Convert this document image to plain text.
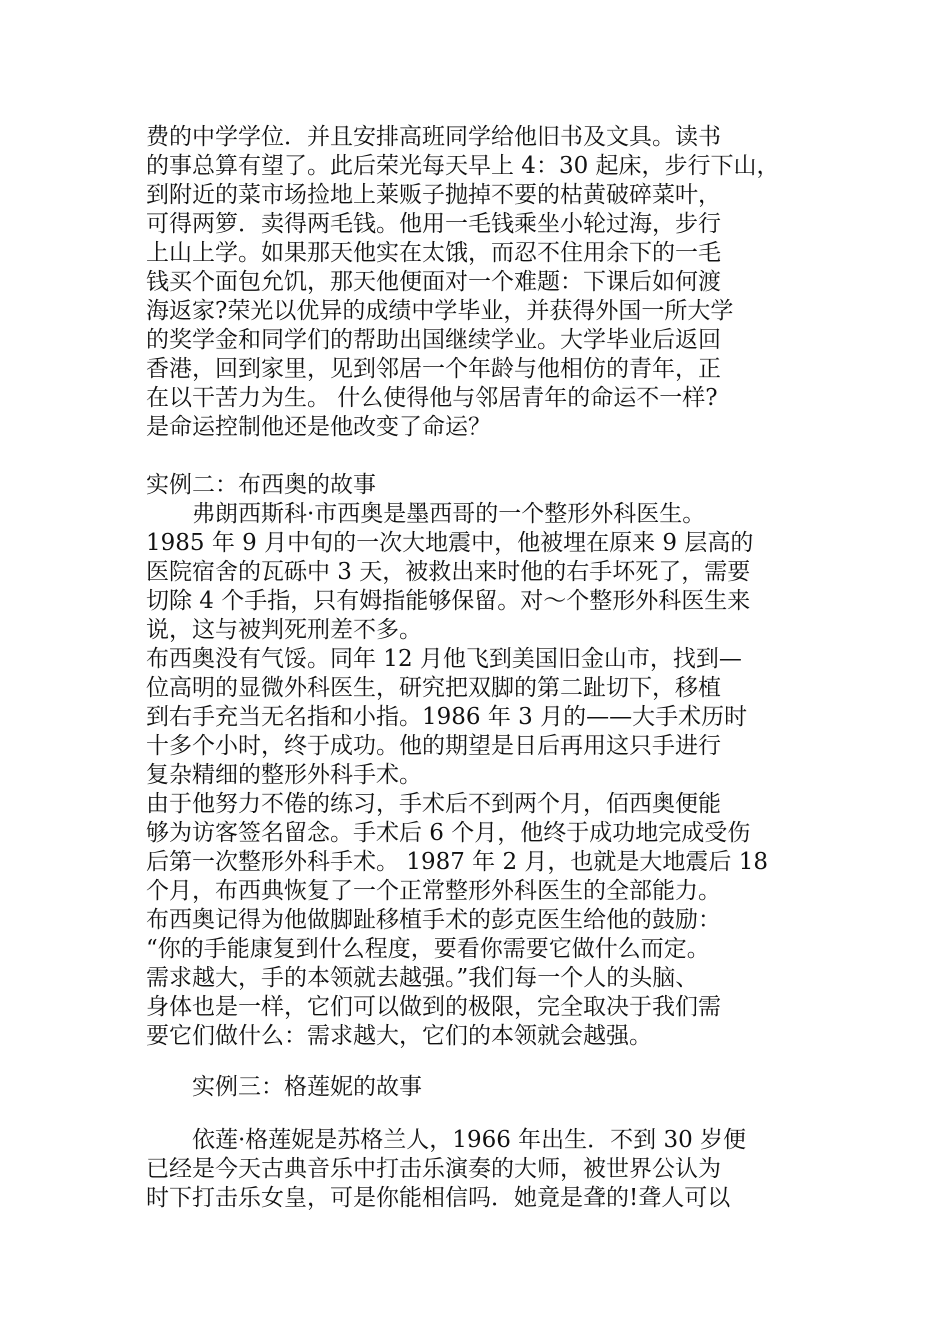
费的中学学位．并且安排高班同学给他旧书及文具。读书
的事总算有望了。此后荣光每天早上 4：30 起床，步行下山，
到附近的菜市场捡地上莱贩子抛掉不要的枯黄破碎菜叶，
可得两箩．卖得两毛钱。他用一毛钱乘坐小轮过海，步行
上山上学。如果那天他实在太饿，而忍不住用余下的一毛
钱买个面包允饥，那天他便面对一个难题：下课后如何渡
海返家?荣光以优异的成绩中学毕业，并获得外国一所大学
的奖学金和同学们的帮助出国继续学业。大学毕业后返回
香港，回到家里，见到邻居一个年龄与他相仿的青年，正
在以干苦力为生。 什么使得他与邻居青年的命运不一样?
是命运控制他还是他改变了命运？
实例二：布西奥的故事
　　弗朗西斯科·市西奥是墨西哥的一个整形外科医生。
1985 年 9 月中旬的一次大地震中，他被埋在原来 9 层高的
医院宿舍的瓦砾中 3 天，被救出来时他的右手坏死了，需要
切除 4 个手指，只有姆指能够保留。对～个整形外科医生来
说，这与被判死刑差不多。
布西奥没有气馁。同年 12 月他飞到美国旧金山市，找到—
位高明的显微外科医生，研究把双脚的第二趾切下，移植
到右手充当无名指和小指。1986 年 3 月的——大手术历时
十多个小时，终于成功。他的期望是日后再用这只手进行
复杂精细的整形外科手术。
由于他努力不倦的练习，手术后不到两个月，佰西奥便能
够为访客签名留念。手术后 6 个月，他终于成功地完成受伤
后第一次整形外科手术。 1987 年 2 月，也就是大地震后 18
个月，布西典恢复了一个正常整形外科医生的全部能力。
布西奥记得为他做脚趾移植手术的彭克医生给他的鼓励：
“你的手能康复到什么程度，要看你需要它做什么而定。
需求越大，手的本领就去越强。”我们每一个人的头脑、
身体也是一样，它们可以做到的极限，完全取决于我们需
要它们做什么：需求越大，它们的本领就会越强。
　　实例三：格莲妮的故事
　　依莲·格莲妮是苏格兰人，1966 年出生．不到 30 岁便
已经是今天古典音乐中打击乐演奏的大师，被世界公认为
时下打击乐女皇，可是你能相信吗．她竟是聋的!聋人可以
